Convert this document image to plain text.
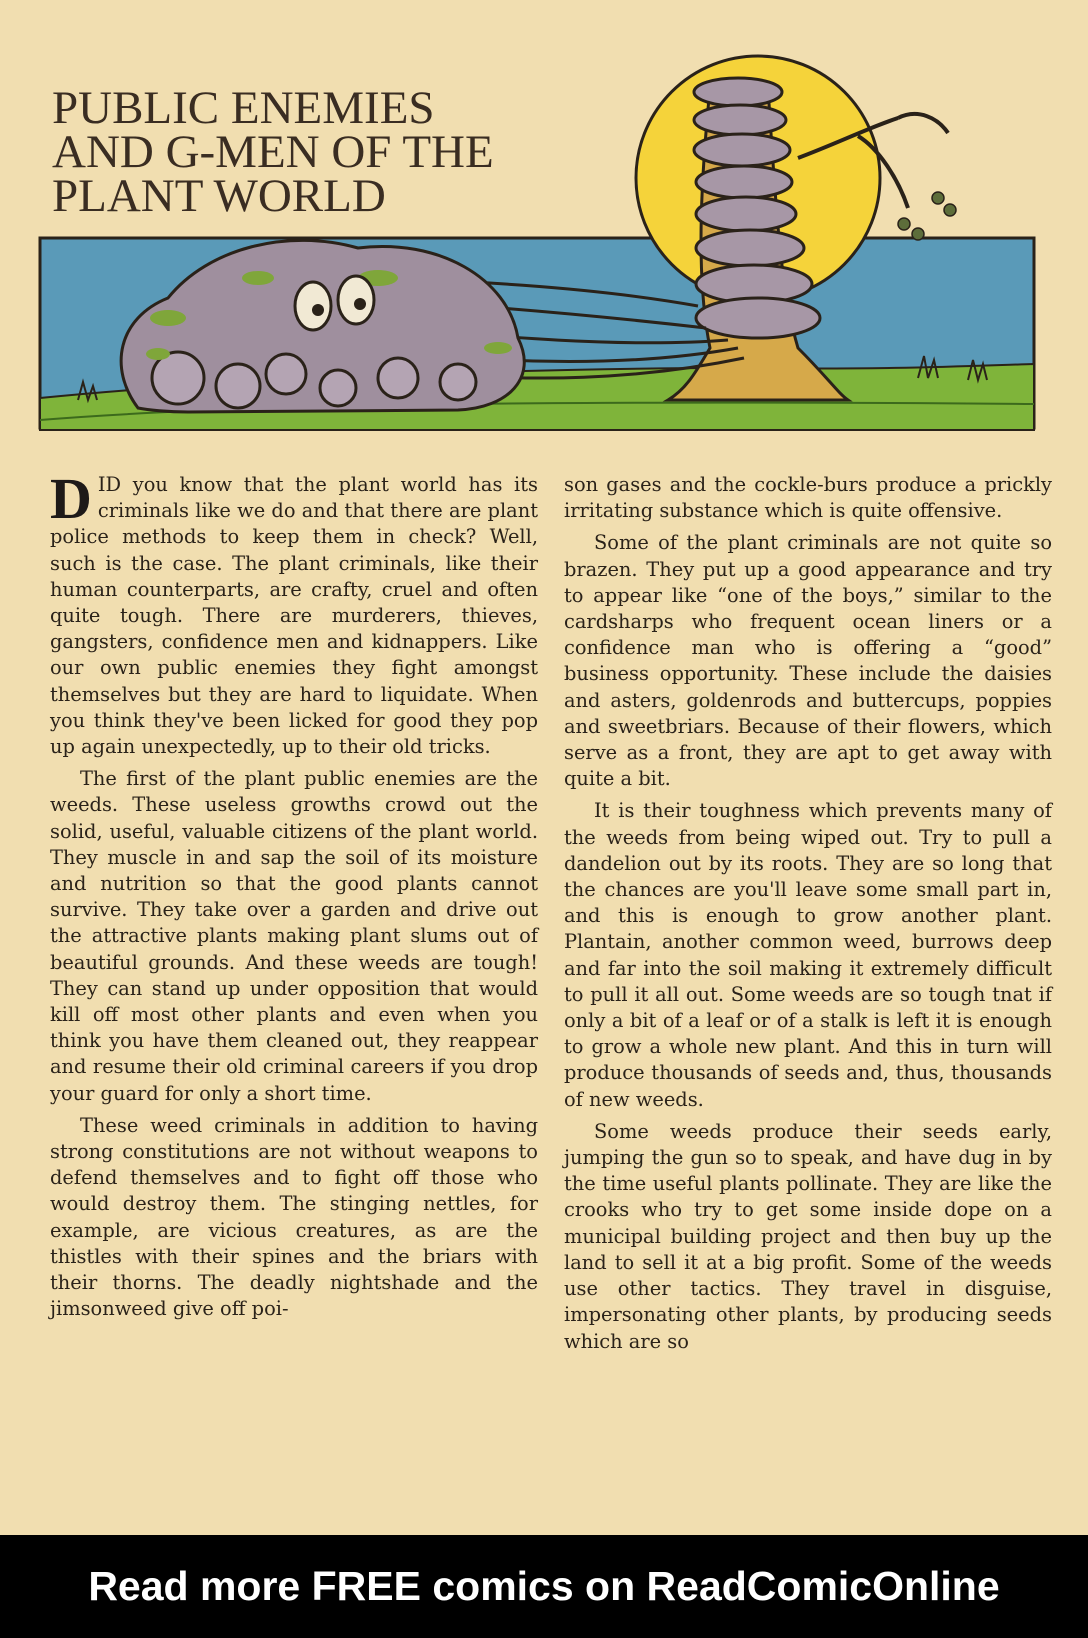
PUBLIC ENEMIES
AND G-MEN OF THE
PLANT WORLD

DID you know that the plant world has its criminals like we do and that there are plant police methods to keep them in check? Well, such is the case. The plant criminals, like their human counterparts, are crafty, cruel and often quite tough. There are murderers, thieves, gangsters, confidence men and kidnappers. Like our own public enemies they fight amongst themselves but they are hard to liquidate. When you think they've been licked for good they pop up again unexpectedly, up to their old tricks.

The first of the plant public enemies are the weeds. These useless growths crowd out the solid, useful, valuable citizens of the plant world. They muscle in and sap the soil of its moisture and nutrition so that the good plants cannot survive. They take over a garden and drive out the attractive plants making plant slums out of beautiful grounds. And these weeds are tough! They can stand up under opposition that would kill off most other plants and even when you think you have them cleaned out, they reappear and resume their old criminal careers if you drop your guard for only a short time.

These weed criminals in addition to having strong constitutions are not without weapons to defend themselves and to fight off those who would destroy them. The stinging nettles, for example, are vicious creatures, as are the thistles with their spines and the briars with their thorns. The deadly nightshade and the jimsonweed give off poi-

son gases and the cockle-burs produce a prickly irritating substance which is quite offensive.

Some of the plant criminals are not quite so brazen. They put up a good appearance and try to appear like “one of the boys,” similar to the cardsharps who frequent ocean liners or a confidence man who is offering a “good” business opportunity. These include the daisies and asters, goldenrods and buttercups, poppies and sweetbriars. Because of their flowers, which serve as a front, they are apt to get away with quite a bit.

It is their toughness which prevents many of the weeds from being wiped out. Try to pull a dandelion out by its roots. They are so long that the chances are you'll leave some small part in, and this is enough to grow another plant. Plantain, another common weed, burrows deep and far into the soil making it extremely difficult to pull it all out. Some weeds are so tough tnat if only a bit of a leaf or of a stalk is left it is enough to grow a whole new plant. And this in turn will produce thousands of seeds and, thus, thousands of new weeds.

Some weeds produce their seeds early, jumping the gun so to speak, and have dug in by the time useful plants pollinate. They are like the crooks who try to get some inside dope on a municipal building project and then buy up the land to sell it at a big profit. Some of the weeds use other tactics. They travel in disguise, impersonating other plants, by producing seeds which are so

Read more FREE comics on ReadComicOnline
